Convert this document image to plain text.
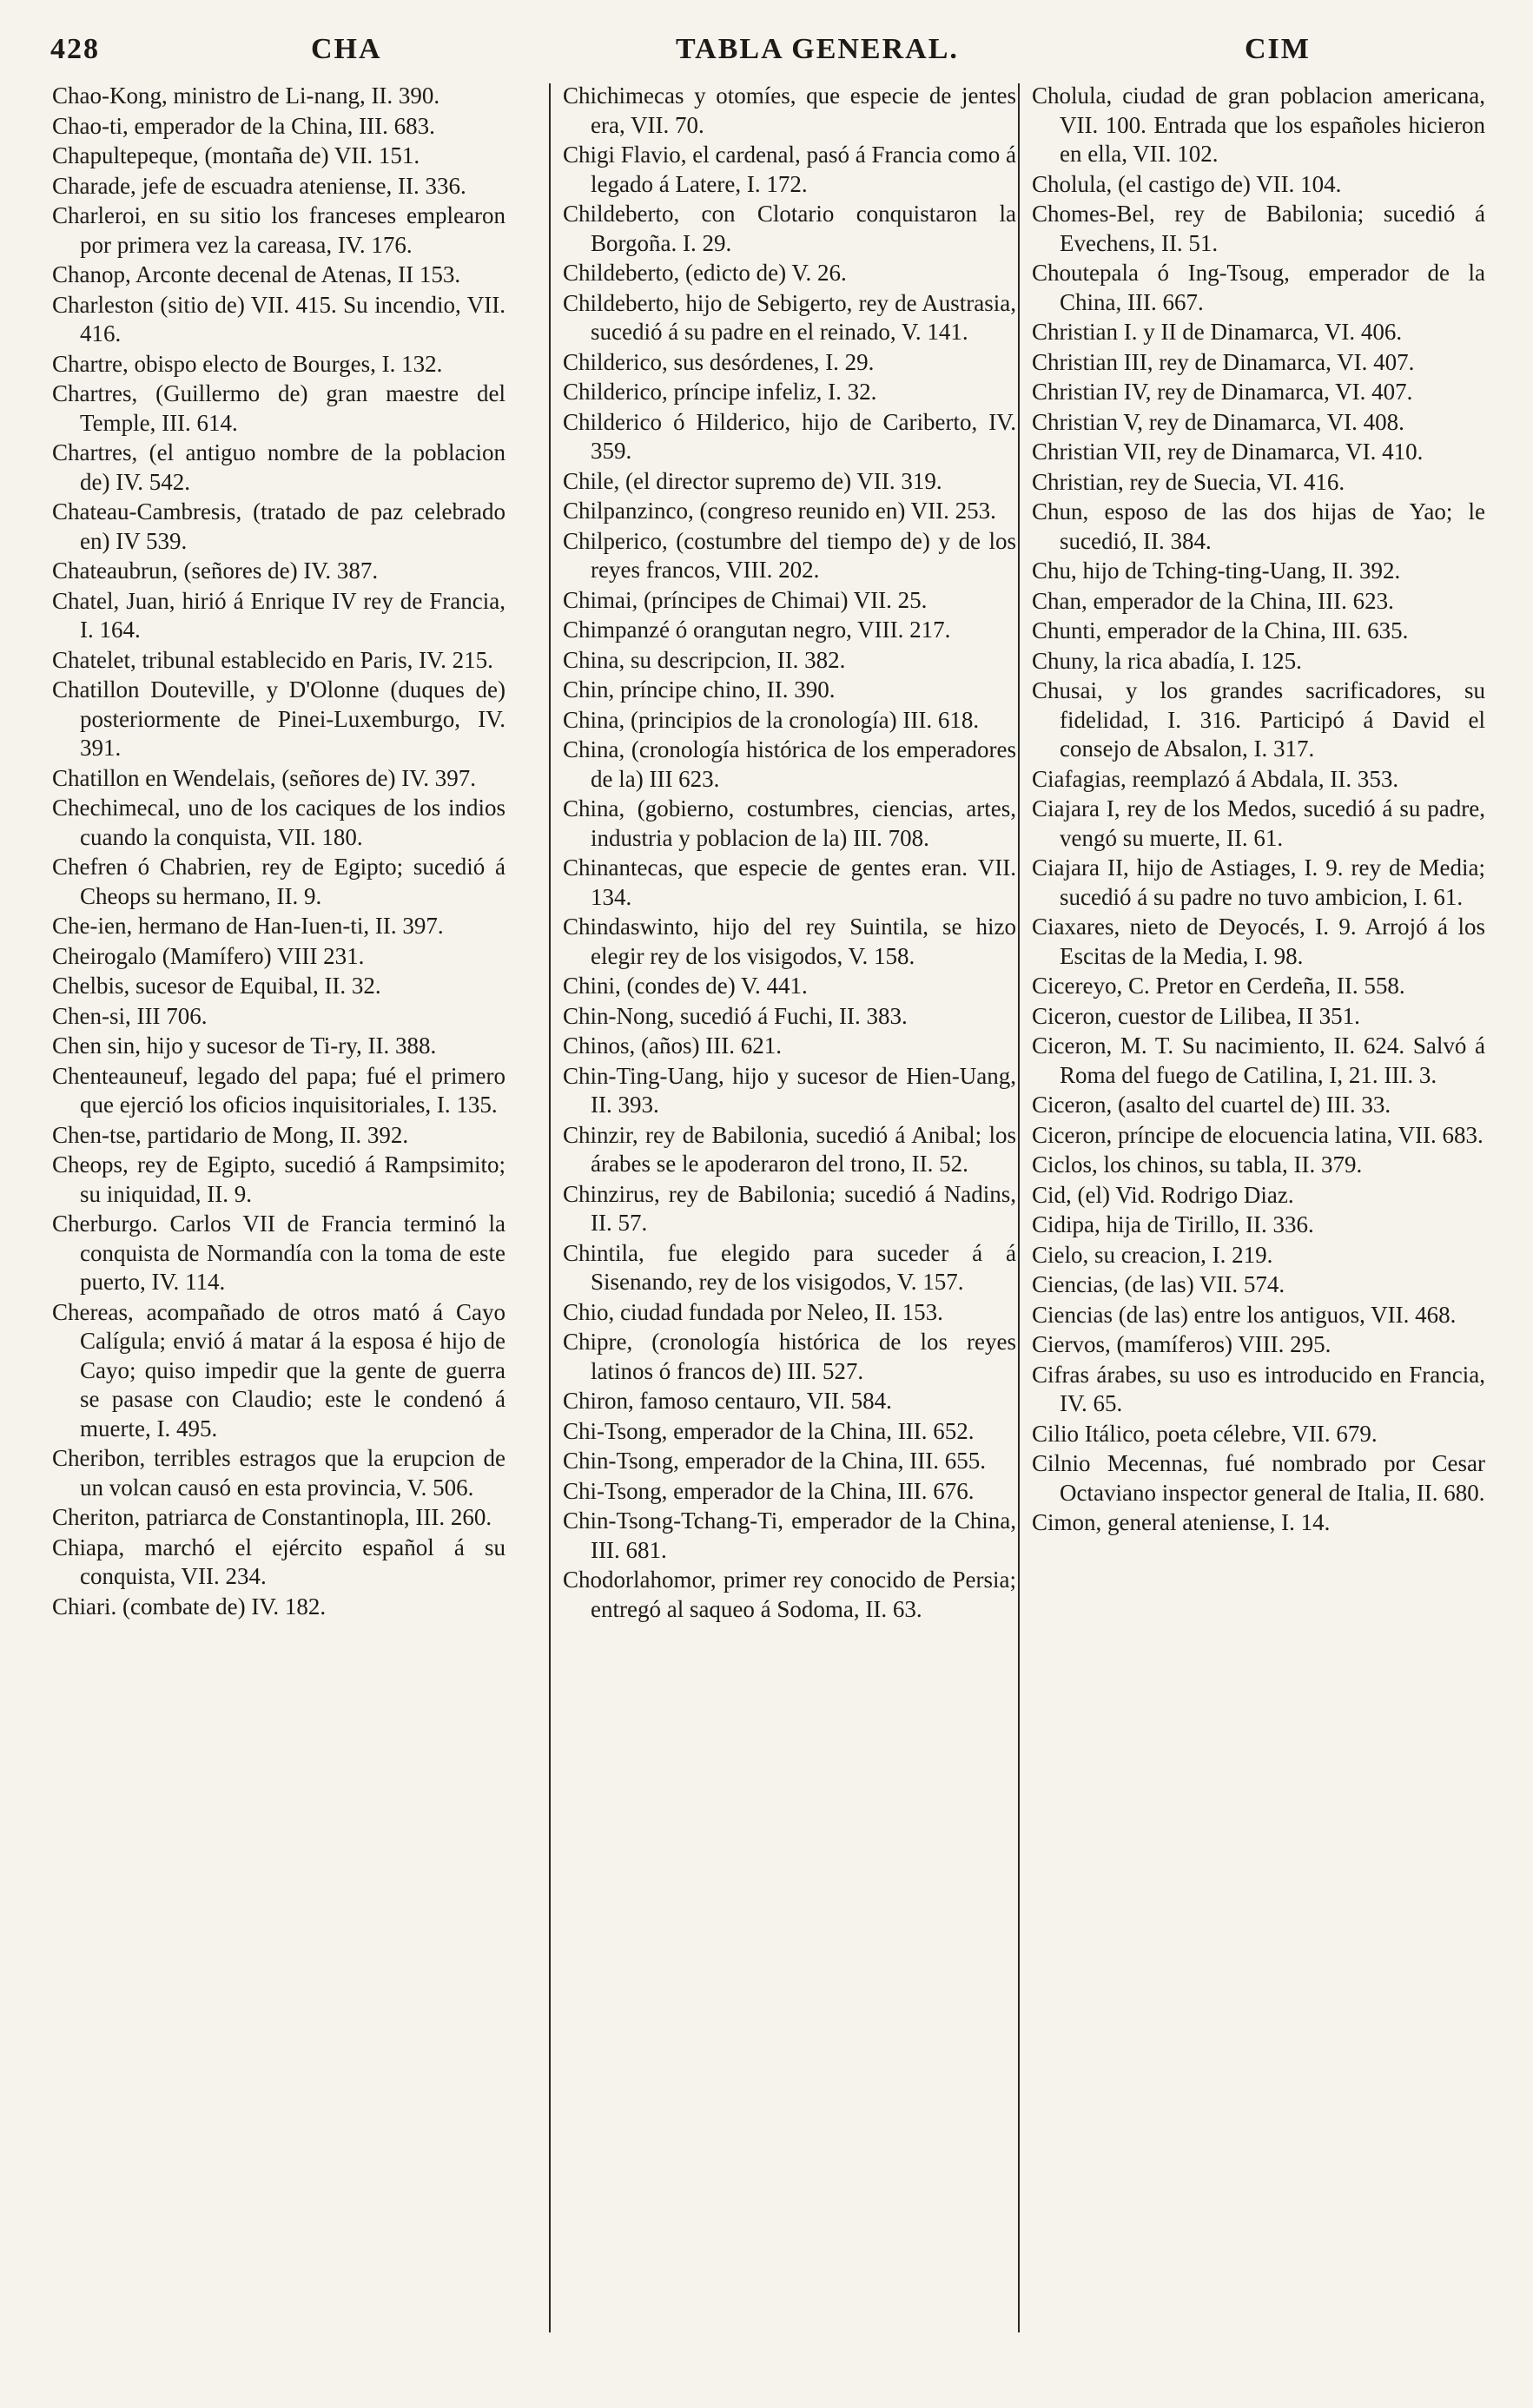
428	CHA	TABLA GENERAL.	CIM

Chao-Kong, ministro de Li-nang, II. 390.

Chao-ti, emperador de la China, III. 683.

Chapultepeque, (montaña de) VII. 151.

Charade, jefe de escuadra ateniense, II. 336.

Charleroi, en su sitio los franceses emplearon por primera vez la careasa, IV. 176.

Chanop, Arconte decenal de Atenas, II 153.

Charleston (sitio de) VII. 415. Su incendio, VII. 416.

Chartre, obispo electo de Bourges, I. 132.

Chartres, (Guillermo de) gran maestre del Temple, III. 614.

Chartres, (el antiguo nombre de la poblacion de) IV. 542.

Chateau-Cambresis, (tratado de paz celebrado en) IV 539.

Chateaubrun, (señores de) IV. 387.

Chatel, Juan, hirió á Enrique IV rey de Francia, I. 164.

Chatelet, tribunal establecido en Paris, IV. 215.

Chatillon Douteville, y D'Olonne (duques de) posteriormente de Pinei-Luxemburgo, IV. 391.

Chatillon en Wendelais, (señores de) IV. 397.

Chechimecal, uno de los caciques de los indios cuando la conquista, VII. 180.

Chefren ó Chabrien, rey de Egipto; sucedió á Cheops su hermano, II. 9.

Che-ien, hermano de Han-Iuen-ti, II. 397.

Cheirogalo (Mamífero) VIII 231.

Chelbis, sucesor de Equibal, II. 32.

Chen-si, III 706.

Chen sin, hijo y sucesor de Ti-ry, II. 388.

Chenteauneuf, legado del papa; fué el primero que ejerció los oficios inquisitoriales, I. 135.

Chen-tse, partidario de Mong, II. 392.

Cheops, rey de Egipto, sucedió á Rampsimito; su iniquidad, II. 9.

Cherburgo. Carlos VII de Francia terminó la conquista de Normandía con la toma de este puerto, IV. 114.

Chereas, acompañado de otros mató á Cayo Calígula; envió á matar á la esposa é hijo de Cayo; quiso impedir que la gente de guerra se pasase con Claudio; este le condenó á muerte, I. 495.

Cheribon, terribles estragos que la erupcion de un volcan causó en esta provincia, V. 506.

Cheriton, patriarca de Constantinopla, III. 260.

Chiapa, marchó el ejército español á su conquista, VII. 234.

Chiari. (combate de) IV. 182.

Chichimecas y otomíes, que especie de jentes era, VII. 70.

Chigi Flavio, el cardenal, pasó á Francia como á legado á Latere, I. 172.

Childeberto, con Clotario conquistaron la Borgoña. I. 29.

Childeberto, (edicto de) V. 26.

Childeberto, hijo de Sebigerto, rey de Austrasia, sucedió á su padre en el reinado, V. 141.

Childerico, sus desórdenes, I. 29.

Childerico, príncipe infeliz, I. 32.

Childerico ó Hilderico, hijo de Cariberto, IV. 359.

Chile, (el director supremo de) VII. 319.

Chilpanzinco, (congreso reunido en) VII. 253.

Chilperico, (costumbre del tiempo de) y de los reyes francos, VIII. 202.

Chimai, (príncipes de Chimai) VII. 25.

Chimpanzé ó orangutan negro, VIII. 217.

China, su descripcion, II. 382.

Chin, príncipe chino, II. 390.

China, (principios de la cronología) III. 618.

China, (cronología histórica de los emperadores de la) III 623.

China, (gobierno, costumbres, ciencias, artes, industria y poblacion de la) III. 708.

Chinantecas, que especie de gentes eran. VII. 134.

Chindaswinto, hijo del rey Suintila, se hizo elegir rey de los visigodos, V. 158.

Chini, (condes de) V. 441.

Chin-Nong, sucedió á Fuchi, II. 383.

Chinos, (años) III. 621.

Chin-Ting-Uang, hijo y sucesor de Hien-Uang, II. 393.

Chinzir, rey de Babilonia, sucedió á Anibal; los árabes se le apoderaron del trono, II. 52.

Chinzirus, rey de Babilonia; sucedió á Nadins, II. 57.

Chintila, fue elegido para suceder á á Sisenando, rey de los visigodos, V. 157.

Chio, ciudad fundada por Neleo, II. 153.

Chipre, (cronología histórica de los reyes latinos ó francos de) III. 527.

Chiron, famoso centauro, VII. 584.

Chi-Tsong, emperador de la China, III. 652.

Chin-Tsong, emperador de la China, III. 655.

Chi-Tsong, emperador de la China, III. 676.

Chin-Tsong-Tchang-Ti, emperador de la China, III. 681.

Chodorlahomor, primer rey conocido de Persia; entregó al saqueo á Sodoma, II. 63.

Cholula, ciudad de gran poblacion americana, VII. 100. Entrada que los españoles hicieron en ella, VII. 102.

Cholula, (el castigo de) VII. 104.

Chomes-Bel, rey de Babilonia; sucedió á Evechens, II. 51.

Choutepala ó Ing-Tsoug, emperador de la China, III. 667.

Christian I. y II de Dinamarca, VI. 406.

Christian III, rey de Dinamarca, VI. 407.

Christian IV, rey de Dinamarca, VI. 407.

Christian V, rey de Dinamarca, VI. 408.

Christian VII, rey de Dinamarca, VI. 410.

Christian, rey de Suecia, VI. 416.

Chun, esposo de las dos hijas de Yao; le sucedió, II. 384.

Chu, hijo de Tching-ting-Uang, II. 392.

Chan, emperador de la China, III. 623.

Chunti, emperador de la China, III. 635.

Chuny, la rica abadía, I. 125.

Chusai, y los grandes sacrificadores, su fidelidad, I. 316. Participó á David el consejo de Absalon, I. 317.

Ciafagias, reemplazó á Abdala, II. 353.

Ciajara I, rey de los Medos, sucedió á su padre, vengó su muerte, II. 61.

Ciajara II, hijo de Astiages, I. 9. rey de Media; sucedió á su padre no tuvo ambicion, I. 61.

Ciaxares, nieto de Deyocés, I. 9. Arrojó á los Escitas de la Media, I. 98.

Cicereyo, C. Pretor en Cerdeña, II. 558.

Ciceron, cuestor de Lilibea, II 351.

Ciceron, M. T. Su nacimiento, II. 624. Salvó á Roma del fuego de Catilina, I, 21. III. 3.

Ciceron, (asalto del cuartel de) III. 33.

Ciceron, príncipe de elocuencia latina, VII. 683.

Ciclos, los chinos, su tabla, II. 379.

Cid, (el) Vid. Rodrigo Diaz.

Cidipa, hija de Tirillo, II. 336.

Cielo, su creacion, I. 219.

Ciencias, (de las) VII. 574.

Ciencias (de las) entre los antiguos, VII. 468.

Ciervos, (mamíferos) VIII. 295.

Cifras árabes, su uso es introducido en Francia, IV. 65.

Cilio Itálico, poeta célebre, VII. 679.

Cilnio Mecennas, fué nombrado por Cesar Octaviano inspector general de Italia, II. 680.

Cimon, general ateniense, I. 14.
